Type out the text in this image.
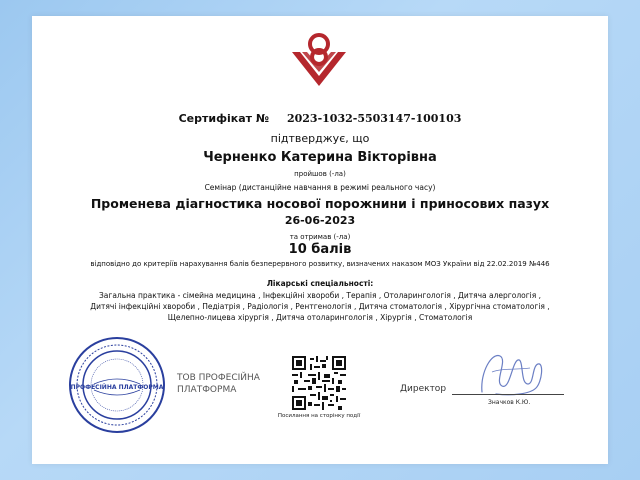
Сертифікат № 2023-1032-5503147-100103
підтверджує, що
Черненко Катерина Вікторівна
пройшов (-ла)
Семінар (дистанційне навчання в режимі реального часу)
Променева діагностика носової порожнини і приносових пазух
26-06-2023
та отримав (-ла)
10 балів
відповідно до критеріїв нарахування балів безперервного розвитку, визначених наказом МОЗ України від 22.02.2019 №446
Лікарські спеціальності:
Загальна практика - сімейна медицина , Інфекційні хвороби , Терапія , Отоларингологія , Дитяча алергологія , Дитячі інфекційні хвороби , Педіатрія , Радіологія , Рентгенологія , Дитяча стоматологія , Хірургічна стоматологія , Щелепно-лицева хірургія , Дитяча отоларингологія , Хірургія , Стоматологія
ПРОФЕСІЙНА ПЛАТФОРМА
ТОВ ПРОФЕСІЙНА
ПЛАТФОРМА
Посилання на сторінку події
Директор
Значков К.Ю.
